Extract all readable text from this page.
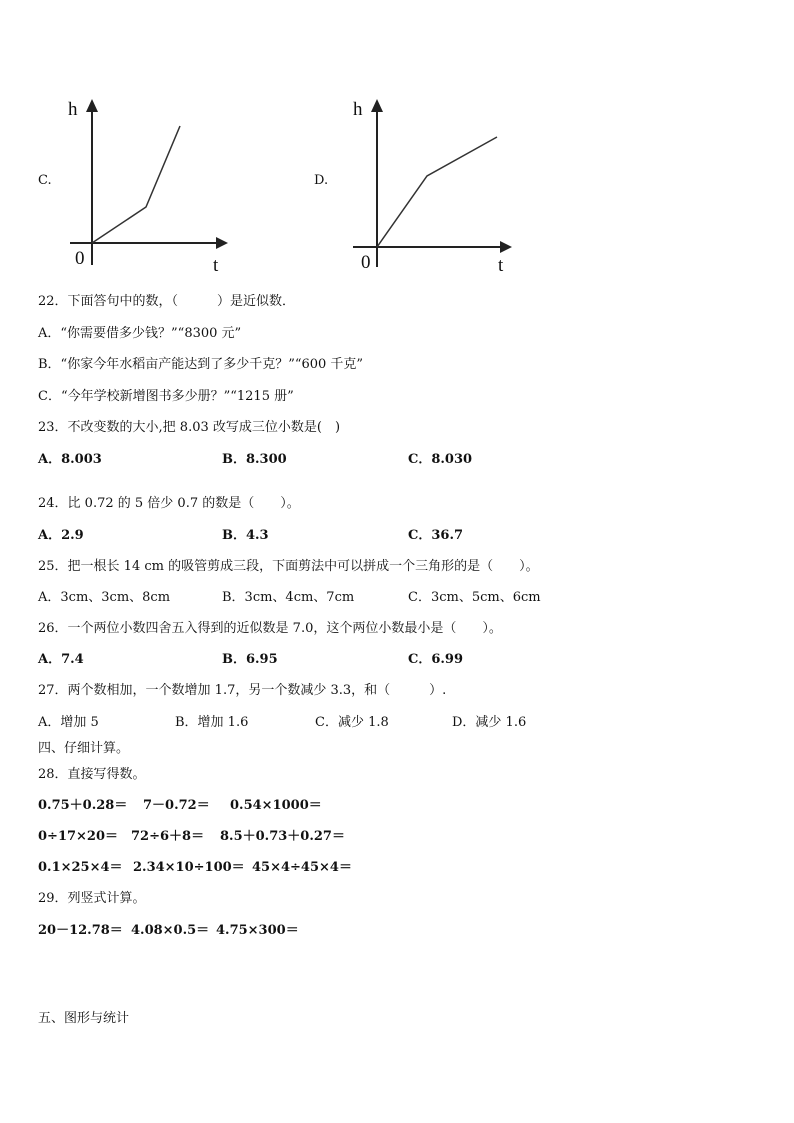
C.
h
0	t
D.
h
0	t
22．下面答句中的数，（　　　）是近似数．
A．“你需要借多少钱？”“8300 元”
B．“你家今年水稻亩产能达到了多少千克？”“600 千克”
C．“今年学校新增图书多少册？”“1215 册”
23．不改变数的大小,把 8.03 改写成三位小数是(　)
A．8.003	B．8.300	C．8.030
24．比 0.72 的 5 倍少 0.7 的数是（　　）。
A．2.9	B．4.3	C．36.7
25．把一根长 14 cm 的吸管剪成三段，下面剪法中可以拼成一个三角形的是（　　）。
A．3cm、3cm、8cm	B．3cm、4cm、7cm	C．3cm、5cm、6cm
26．一个两位小数四舍五入得到的近似数是 7.0，这个两位小数最小是（　　）。
A．7.4	B．6.95	C．6.99
27．两个数相加，一个数增加 1.7，另一个数减少 3.3，和（　　　）.
A．增加 5	B．增加 1.6	C．减少 1.8	D．减少 1.6
四、仔细计算。
28．直接写得数。
0.75＋0.28＝ 7－0.72＝ 0.54×1000＝
0÷17×20＝ 72÷6＋8＝ 8.5＋0.73＋0.27＝
0.1×25×4＝ 2.34×10÷100＝ 45×4÷45×4＝
29．列竖式计算。
20－12.78＝ 4.08×0.5＝ 4.75×300＝
五、图形与统计
